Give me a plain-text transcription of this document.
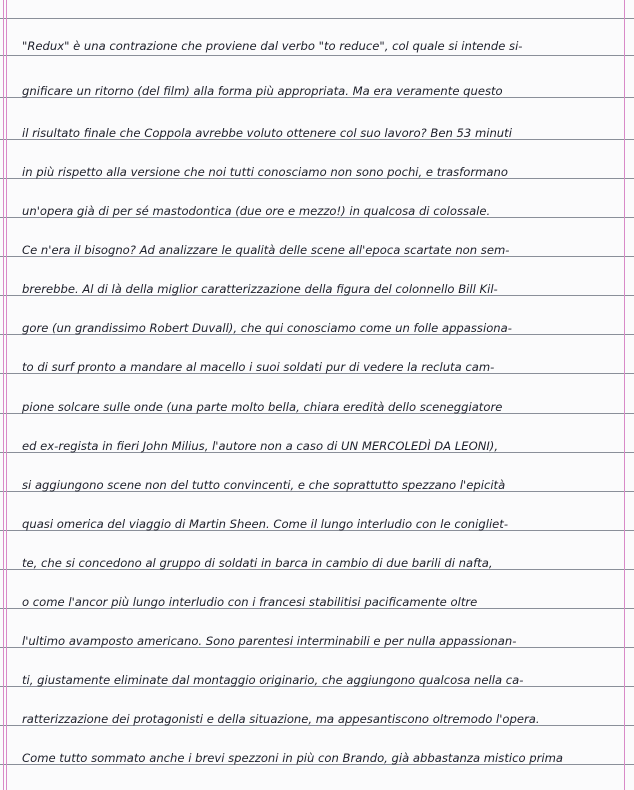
"Redux" è una contrazione che proviene dal verbo "to reduce", col quale si intende si-
gnificare un ritorno (del film) alla forma più appropriata. Ma era veramente questo
il risultato finale che Coppola avrebbe voluto ottenere col suo lavoro? Ben 53 minuti
in più rispetto alla versione che noi tutti conosciamo non sono pochi, e trasformano
un'opera già di per sé mastodontica (due ore e mezzo!) in qualcosa di colossale.
Ce n'era il bisogno? Ad analizzare le qualità delle scene all'epoca scartate non sem-
brerebbe. Al di là della miglior caratterizzazione della figura del colonnello Bill Kil-
gore (un grandissimo Robert Duvall), che qui conosciamo come un folle appassiona-
to di surf pronto a mandare al macello i suoi soldati pur di vedere la recluta cam-
pione solcare sulle onde (una parte molto bella, chiara eredità dello sceneggiatore
ed ex-regista in fieri John Milius, l'autore non a caso di UN MERCOLEDÌ DA LEONI),
si aggiungono scene non del tutto convincenti, e che soprattutto spezzano l'epicità
quasi omerica del viaggio di Martin Sheen. Come il lungo interludio con le conigliet-
te, che si concedono al gruppo di soldati in barca in cambio di due barili di nafta,
o come l'ancor più lungo interludio con i francesi stabilitisi pacificamente oltre
l'ultimo avamposto americano. Sono parentesi interminabili e per nulla appassionan-
ti, giustamente eliminate dal montaggio originario, che aggiungono qualcosa nella ca-
ratterizzazione dei protagonisti e della situazione, ma appesantiscono oltremodo l'opera.
Come tutto sommato anche i brevi spezzoni in più con Brando, già abbastanza mistico prima
